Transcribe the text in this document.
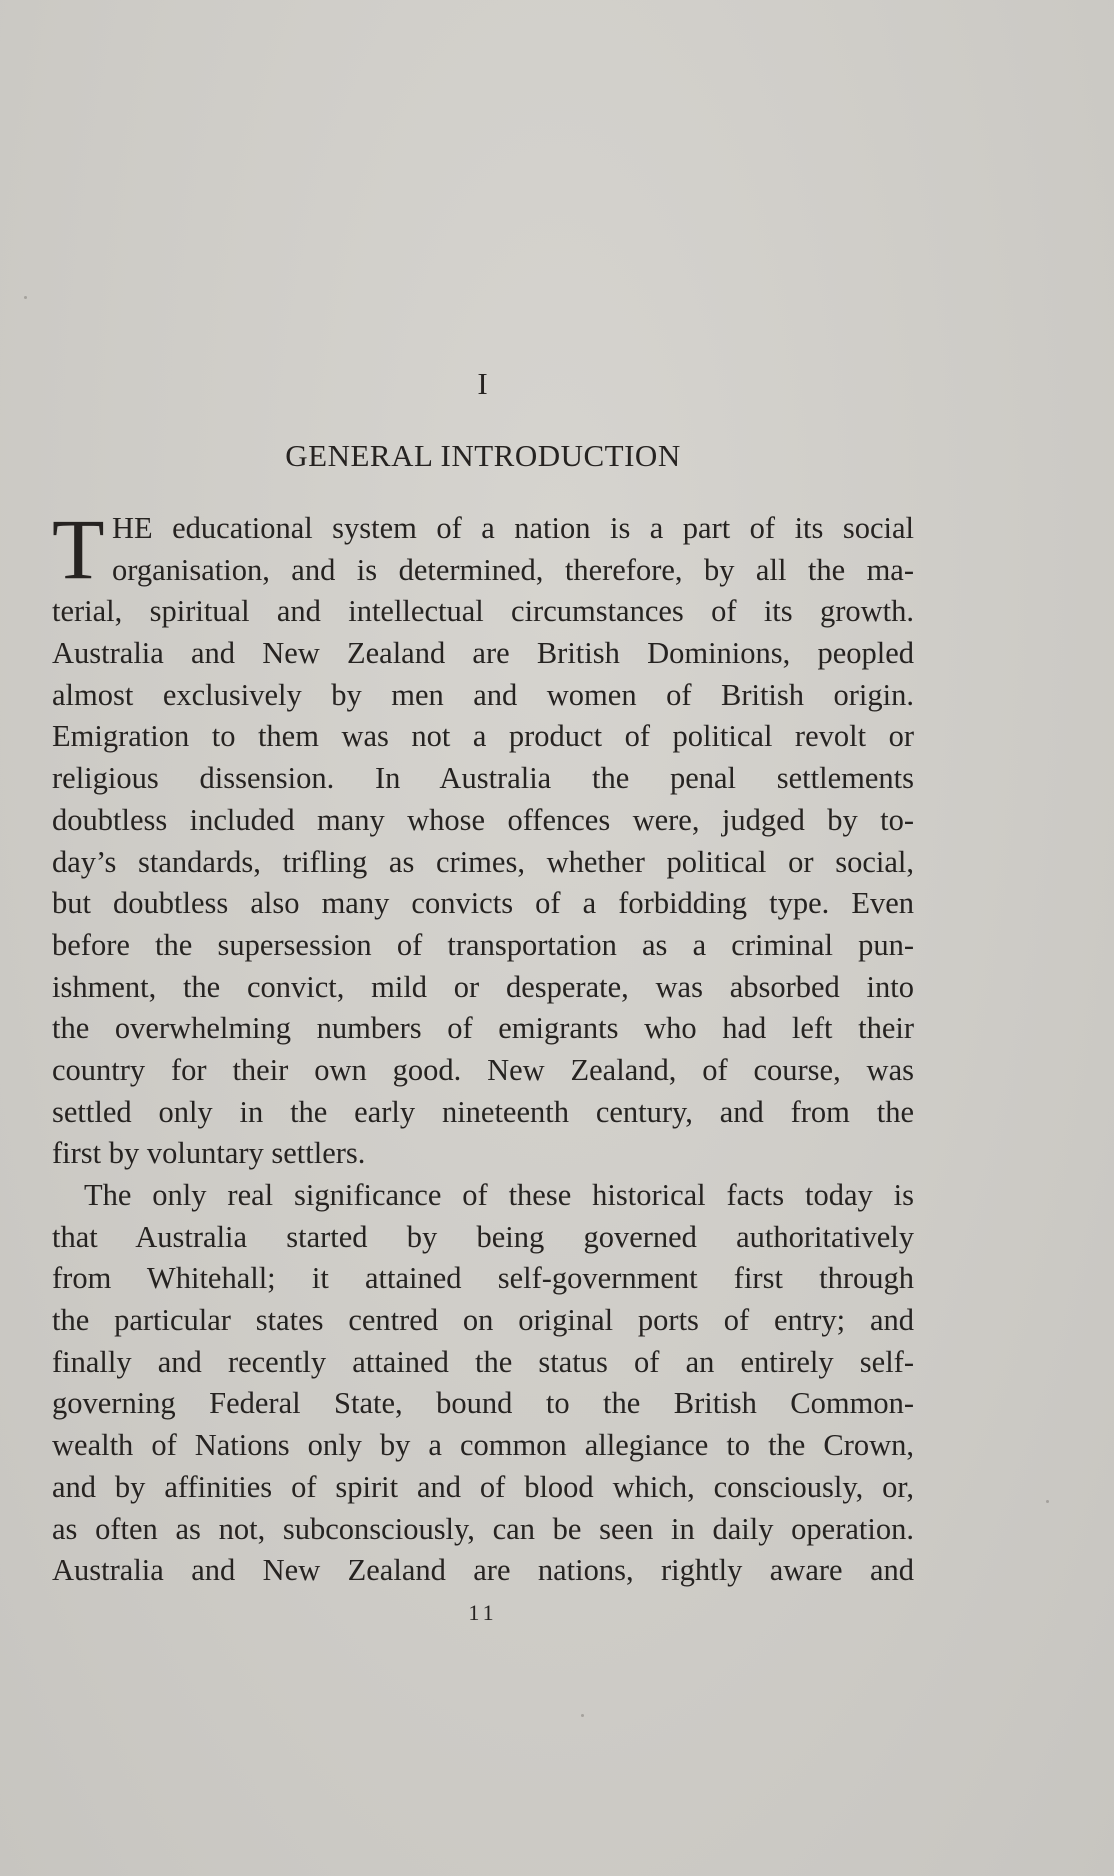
I
GENERAL INTRODUCTION
T HE educational system of a nation is a part of its social
organisation, and is determined, therefore, by all the ma-
terial, spiritual and intellectual circumstances of its growth.
Australia and New Zealand are British Dominions, peopled
almost exclusively by men and women of British origin.
Emigration to them was not a product of political revolt or
religious dissension. In Australia the penal settlements
doubtless included many whose offences were, judged by to-
day’s standards, trifling as crimes, whether political or social,
but doubtless also many convicts of a forbidding type. Even
before the supersession of transportation as a criminal pun-
ishment, the convict, mild or desperate, was absorbed into
the overwhelming numbers of emigrants who had left their
country for their own good. New Zealand, of course, was
settled only in the early nineteenth century, and from the
first by voluntary settlers.
The only real significance of these historical facts today is
that Australia started by being governed authoritatively
from Whitehall; it attained self-government first through
the particular states centred on original ports of entry; and
finally and recently attained the status of an entirely self-
governing Federal State, bound to the British Common-
wealth of Nations only by a common allegiance to the Crown,
and by affinities of spirit and of blood which, consciously, or,
as often as not, subconsciously, can be seen in daily operation.
Australia and New Zealand are nations, rightly aware and
11
